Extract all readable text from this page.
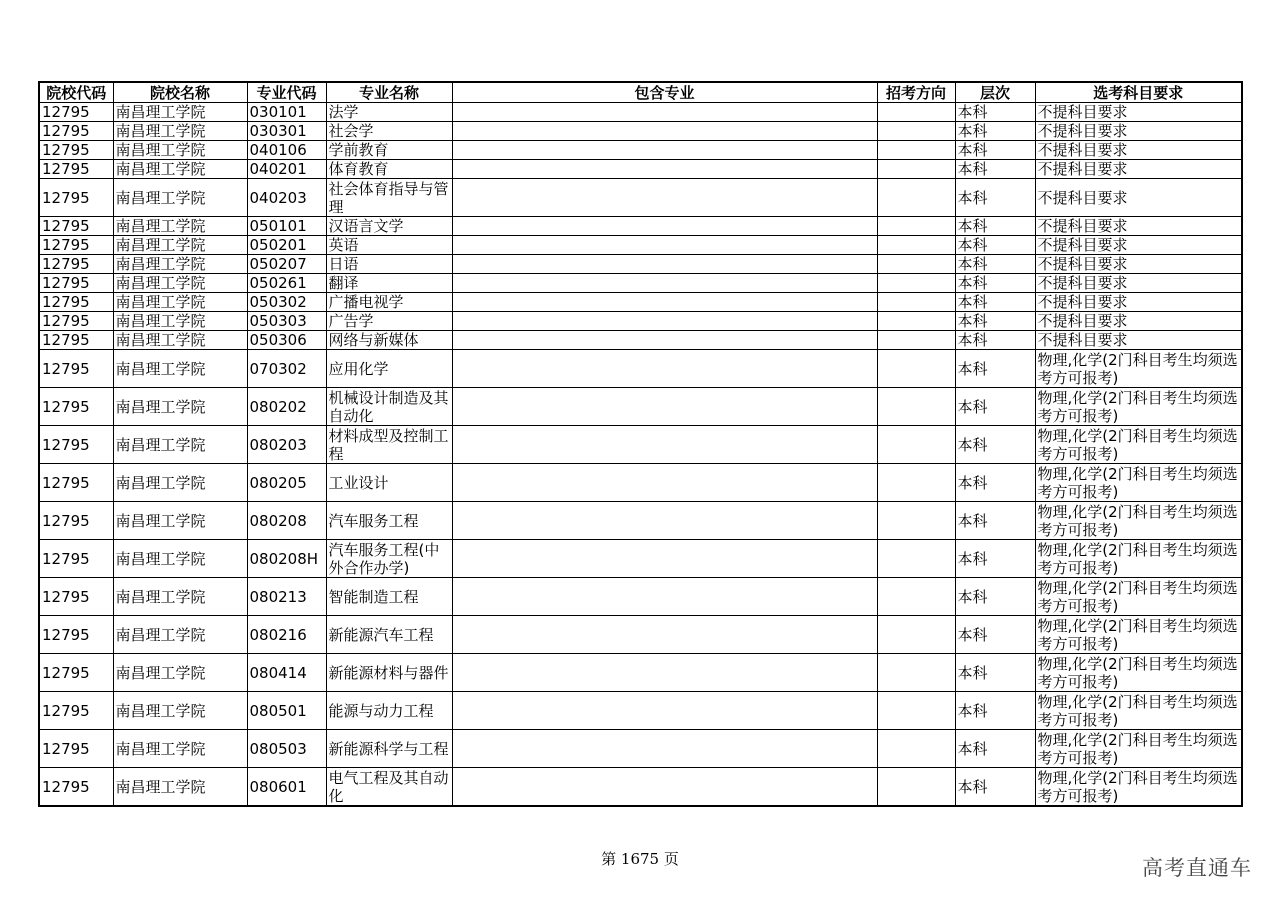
院校代码	院校名称	专业代码	专业名称	包含专业	招考方向	层次	选考科目要求
12795	南昌理工学院	030101	法学			本科	不提科目要求
12795	南昌理工学院	030301	社会学			本科	不提科目要求
12795	南昌理工学院	040106	学前教育			本科	不提科目要求
12795	南昌理工学院	040201	体育教育			本科	不提科目要求
12795	南昌理工学院	040203	社会体育指导与管理			本科	不提科目要求
12795	南昌理工学院	050101	汉语言文学			本科	不提科目要求
12795	南昌理工学院	050201	英语			本科	不提科目要求
12795	南昌理工学院	050207	日语			本科	不提科目要求
12795	南昌理工学院	050261	翻译			本科	不提科目要求
12795	南昌理工学院	050302	广播电视学			本科	不提科目要求
12795	南昌理工学院	050303	广告学			本科	不提科目要求
12795	南昌理工学院	050306	网络与新媒体			本科	不提科目要求
12795	南昌理工学院	070302	应用化学			本科	物理,化学(2门科目考生均须选考方可报考)
12795	南昌理工学院	080202	机械设计制造及其自动化			本科	物理,化学(2门科目考生均须选考方可报考)
12795	南昌理工学院	080203	材料成型及控制工程			本科	物理,化学(2门科目考生均须选考方可报考)
12795	南昌理工学院	080205	工业设计			本科	物理,化学(2门科目考生均须选考方可报考)
12795	南昌理工学院	080208	汽车服务工程			本科	物理,化学(2门科目考生均须选考方可报考)
12795	南昌理工学院	080208H	汽车服务工程(中外合作办学)			本科	物理,化学(2门科目考生均须选考方可报考)
12795	南昌理工学院	080213	智能制造工程			本科	物理,化学(2门科目考生均须选考方可报考)
12795	南昌理工学院	080216	新能源汽车工程			本科	物理,化学(2门科目考生均须选考方可报考)
12795	南昌理工学院	080414	新能源材料与器件			本科	物理,化学(2门科目考生均须选考方可报考)
12795	南昌理工学院	080501	能源与动力工程			本科	物理,化学(2门科目考生均须选考方可报考)
12795	南昌理工学院	080503	新能源科学与工程			本科	物理,化学(2门科目考生均须选考方可报考)
12795	南昌理工学院	080601	电气工程及其自动化			本科	物理,化学(2门科目考生均须选考方可报考)
第 1675 页	高考直通车
